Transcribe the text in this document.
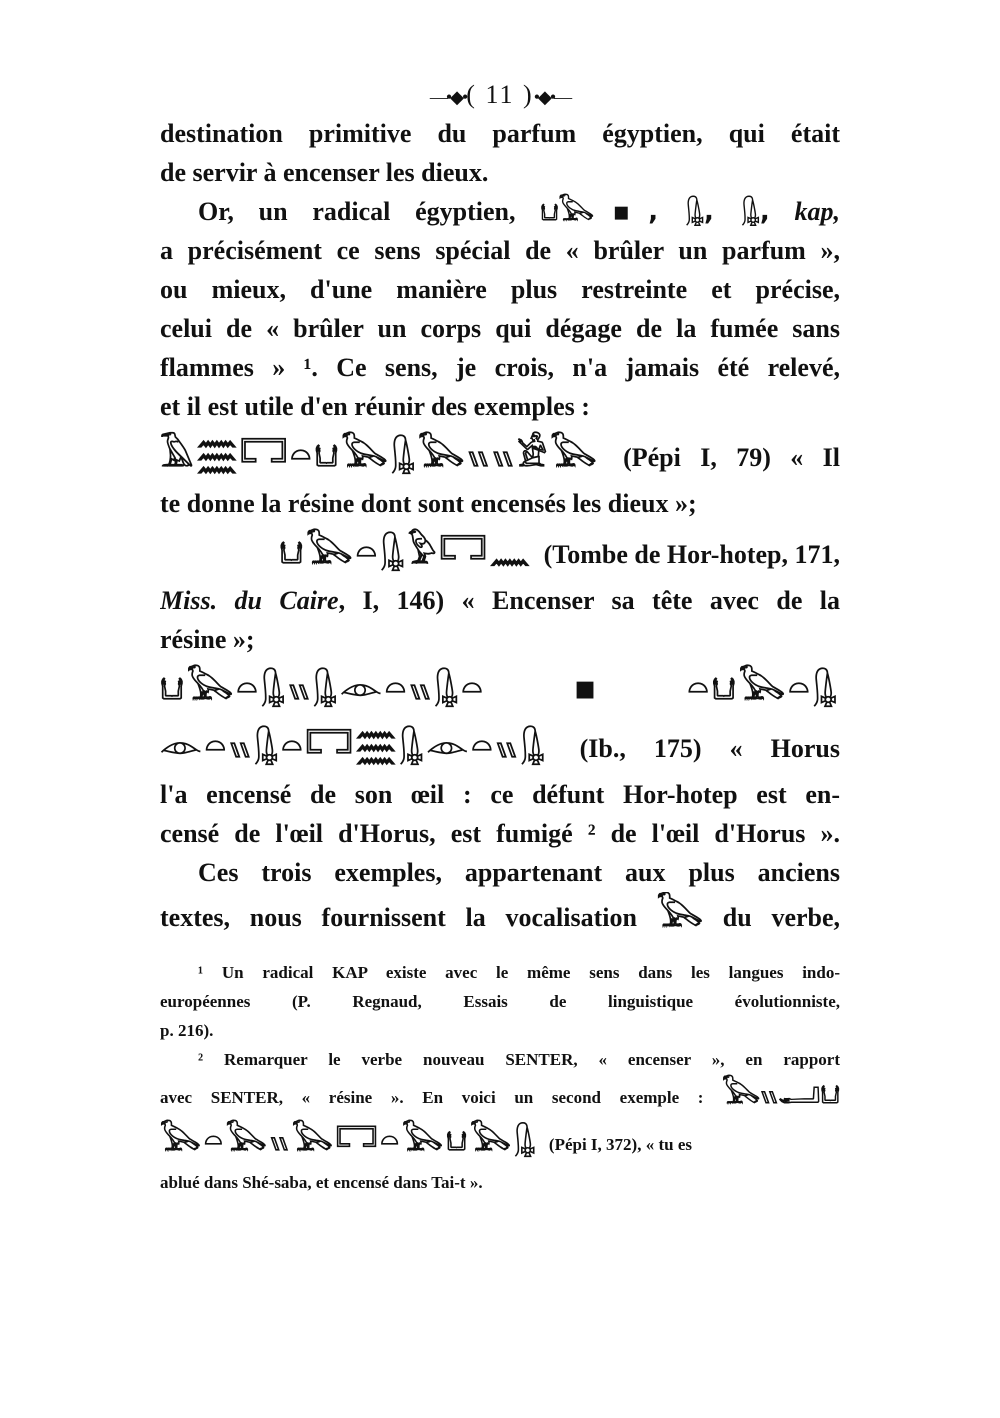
—•◆•( 11 )•◆•—
destination primitive du parfum égyptien, qui était
de servir à encenser les dieux.
Or, un radical égyptien, 𓂓𓅂▪, 𓊮, 𓊮, kap,
a précisément ce sens spécial de « brûler un parfum »,
ou mieux, d'une manière plus restreinte et précise,
celui de « brûler un corps qui dégage de la fumée sans
flammes » ¹. Ce sens, je crois, n'a jamais été relevé,
et il est utile d'en réunir des exemples :
𓄿𓈗𓉐𓏏𓂓𓅂𓊮𓅂𓏭𓏭𓀀𓅂 (Pépi I, 79) « Il
te donne la résine dont sont encensés les dieux »;
𓂓𓅂𓏏𓊮𓅱𓉐𓈖 (Tombe de Hor-hotep, 171,
Miss. du Caire, I, 146) « Encenser sa tête avec de la
résine »;
𓂓𓅂𓏏𓊮𓏭𓊮𓁹𓏏𓏭𓊮𓏏▪𓏏𓂓𓅂𓏏𓊮
𓁹𓏏𓏭𓊮𓏏𓉐𓈗𓊮𓁹𓏏𓏭𓊮 (Ib., 175) « Horus
l'a encensé de son œil : ce défunt Hor-hotep est en-
censé de l'œil d'Horus, est fumigé ² de l'œil d'Horus ».
Ces trois exemples, appartenant aux plus anciens
textes, nous fournissent la vocalisation 𓅂 du verbe,
¹ Un radical KAP existe avec le même sens dans les langues indo-
européennes (P. Regnaud, Essais de linguistique évolutionniste,
p. 216).
² Remarquer le verbe nouveau SENTER, « encenser », en rapport
avec SENTER, « résine ». En voici un second exemple : 𓅂𓏭𓂝𓂓
𓅂𓏏𓅂𓏭𓅂𓉐𓏏𓅂𓂓𓅂𓊮 (Pépi I, 372), « tu es
ablué dans Shé-saba, et encensé dans Tai-t ».
